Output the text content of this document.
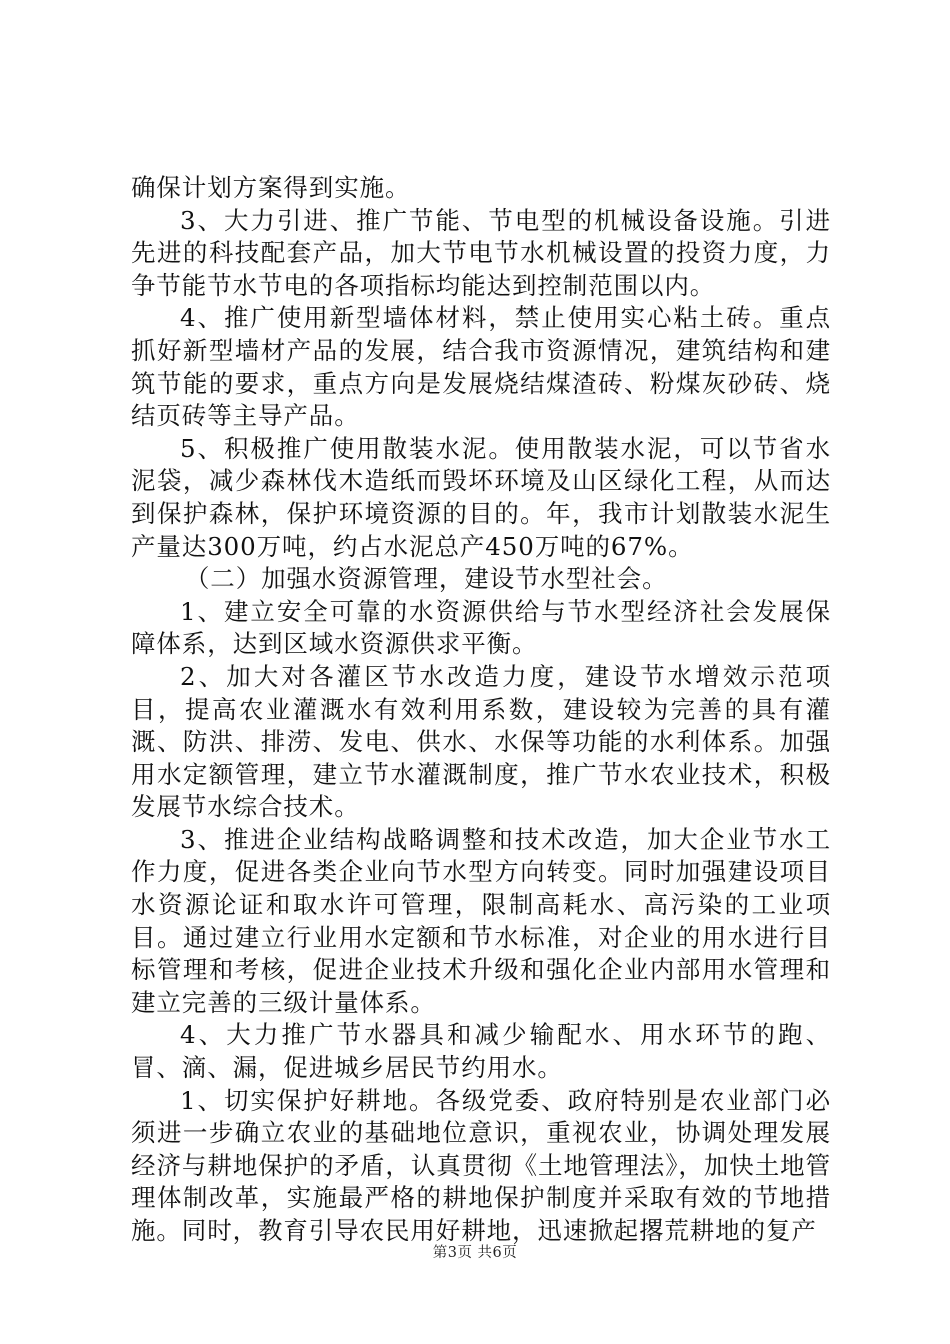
确保计划方案得到实施。

3、大力引进、推广节能、节电型的机械设备设施。引进先进的科技配套产品，加大节电节水机械设置的投资力度，力争节能节水节电的各项指标均能达到控制范围以内。

4、推广使用新型墙体材料，禁止使用实心粘土砖。重点抓好新型墙材产品的发展，结合我市资源情况，建筑结构和建筑节能的要求，重点方向是发展烧结煤渣砖、粉煤灰砂砖、烧结页砖等主导产品。

5、积极推广使用散装水泥。使用散装水泥，可以节省水泥袋，减少森林伐木造纸而毁坏环境及山区绿化工程，从而达到保护森林，保护环境资源的目的。年，我市计划散装水泥生产量达300万吨，约占水泥总产450万吨的67%。

（二）加强水资源管理，建设节水型社会。

1、建立安全可靠的水资源供给与节水型经济社会发展保障体系，达到区域水资源供求平衡。

2、加大对各灌区节水改造力度，建设节水增效示范项目，提高农业灌溉水有效利用系数，建设较为完善的具有灌溉、防洪、排涝、发电、供水、水保等功能的水利体系。加强用水定额管理，建立节水灌溉制度，推广节水农业技术，积极发展节水综合技术。

3、推进企业结构战略调整和技术改造，加大企业节水工作力度，促进各类企业向节水型方向转变。同时加强建设项目水资源论证和取水许可管理，限制高耗水、高污染的工业项目。通过建立行业用水定额和节水标准，对企业的用水进行目标管理和考核，促进企业技术升级和强化企业内部用水管理和建立完善的三级计量体系。

4、大力推广节水器具和减少输配水、用水环节的跑、冒、滴、漏，促进城乡居民节约用水。

1、切实保护好耕地。各级党委、政府特别是农业部门必须进一步确立农业的基础地位意识，重视农业，协调处理发展经济与耕地保护的矛盾，认真贯彻《土地管理法》，加快土地管理体制改革，实施最严格的耕地保护制度并采取有效的节地措施。同时，教育引导农民用好耕地，迅速掀起撂荒耕地的复产

第3页 共6页
